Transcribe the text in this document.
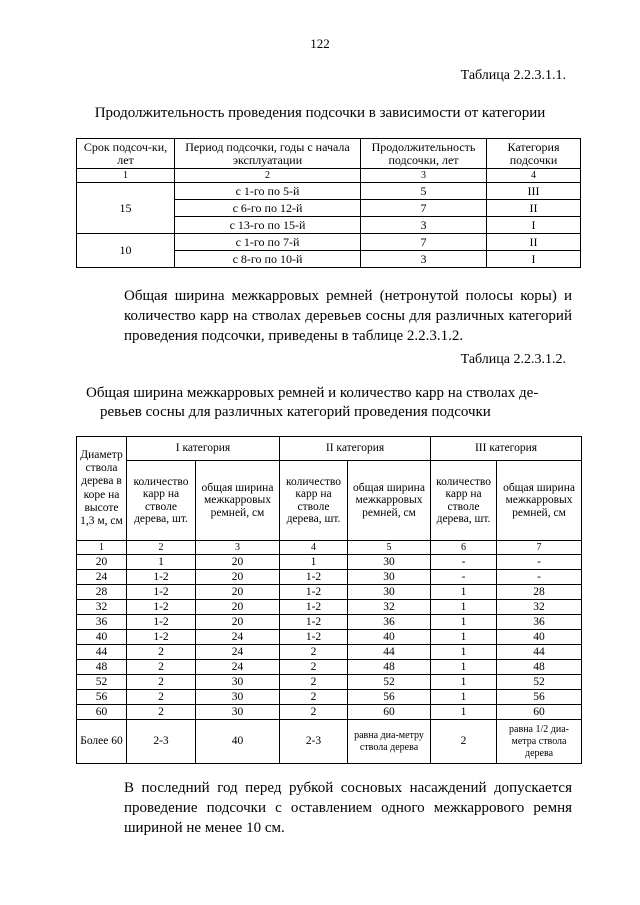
122
Таблица 2.2.3.1.1.
Продолжительность проведения подсочки в зависимости от категории
Срок подсоч-ки, лет	Период подсочки, годы с начала эксплуатации	Продолжительность подсочки, лет	Категория подсочки
1	2	3	4
15	с 1-го по 5-й	5	III
	с 6-го по 12-й	7	II
	с 13-го по 15-й	3	I
10	с 1-го по 7-й	7	II
	с 8-го по 10-й	3	I
Общая ширина межкарровых ремней (нетронутой полосы коры) и количество карр на стволах деревьев сосны для различных категорий проведения подсочки, приведены в таблице 2.2.3.1.2.
Таблица 2.2.3.1.2.
Общая ширина межкарровых ремней и количество карр на стволах де-
ревьев сосны для различных категорий проведения подсочки
Диаметр ствола дерева в коре на высоте 1,3 м, см	I категория		II категория		III категория	
	количество карр на стволе дерева, шт.	общая ширина межкарровых ремней, см	количество карр на стволе дерева, шт.	общая ширина межкарровых ремней, см	количество карр на стволе дерева, шт.	общая ширина межкарровых ремней, см
1	2	3	4	5	6	7
20	1	20	1	30	-	-
24	1-2	20	1-2	30	-	-
28	1-2	20	1-2	30	1	28
32	1-2	20	1-2	32	1	32
36	1-2	20	1-2	36	1	36
40	1-2	24	1-2	40	1	40
44	2	24	2	44	1	44
48	2	24	2	48	1	48
52	2	30	2	52	1	52
56	2	30	2	56	1	56
60	2	30	2	60	1	60
Более 60	2-3	40	2-3	равна диа-метру ствола дерева	2	равна 1/2 диа-метра ствола дерева
В последний год перед рубкой сосновых насаждений допускается проведение подсочки с оставлением одного межкаррового ремня шириной не менее 10 см.
